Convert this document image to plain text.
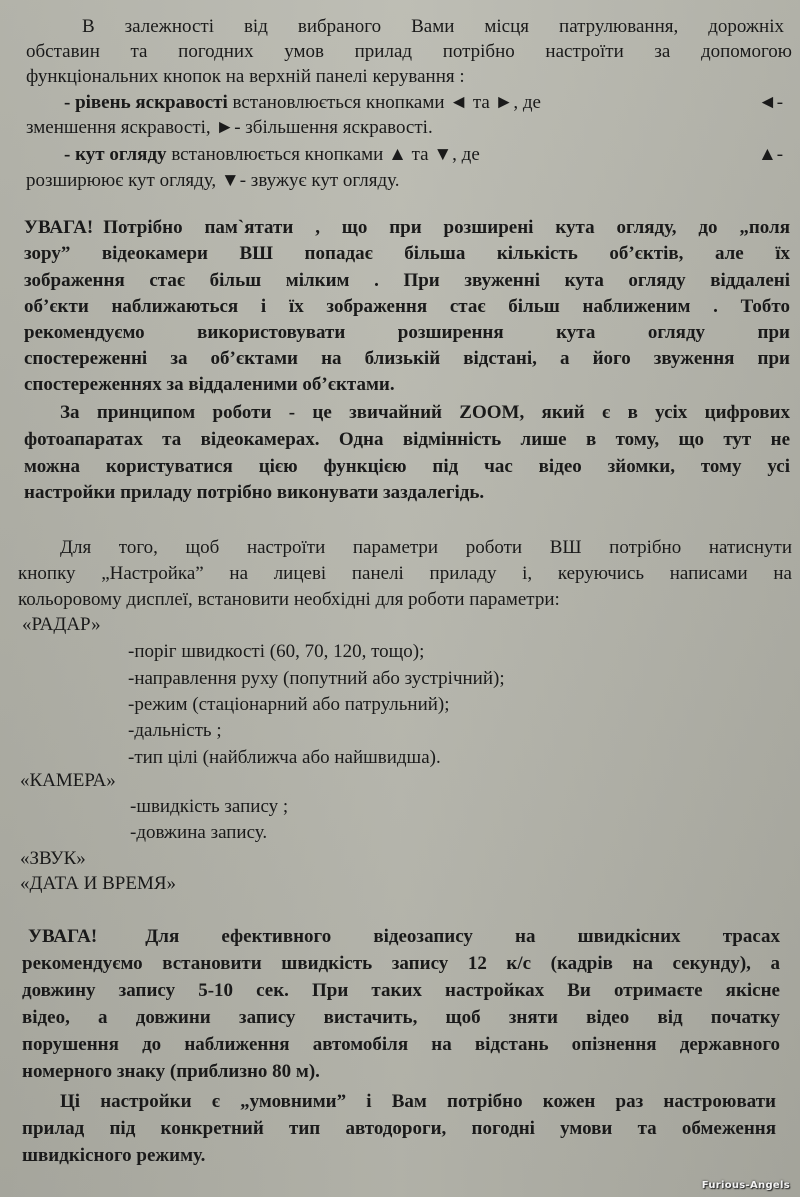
В залежності від вибраного Вами місця патрулювання, дорожніх
обставин та погодних умов прилад потрібно настроїти за допомогою
функціональних кнопок на верхній панелі керування :
- рівень яскравості встановлюється кнопками ◄ та ►, де	◄-
зменшення яскравості, ►- збільшення яскравості.
- кут огляду встановлюється кнопками ▲ та ▼, де	▲-
розширюює кут огляду, ▼- звужує кут огляду.
УВАГА! Потрібно пам`ятати , що при розширені кута огляду, до „поля
зору” відеокамери ВШ попадає більша кількість об’єктів, але їх
зображення стає більш мілким . При звуженні кута огляду віддалені
об’єкти наближаються і їх зображення стає більш наближеним . Тобто
рекомендуємо використовувати розширення кута огляду при
спостереженні за об’єктами на близькій відстані, а його звуження при
спостереженнях за віддаленими об’єктами.
За принципом роботи - це звичайний ZOOM, який є в усіх цифрових
фотоапаратах та відеокамерах. Одна відмінність лише в тому, що тут не
можна користуватися цією функцією під час відео зйомки, тому усі
настройки приладу потрібно виконувати заздалегідь.
Для того, щоб настроїти параметри роботи ВШ потрібно натиснути
кнопку „Настройка” на лицеві панелі приладу і, керуючись написами на
кольоровому дисплеї, встановити необхідні для роботи параметри:
«РАДАР»
-поріг швидкості (60, 70, 120, тощо);
-направлення руху (попутний або зустрічний);
-режим (стаціонарний або патрульний);
-дальність ;
-тип цілі (найближча або найшвидша).
«КАМЕРА»
-швидкість запису ;
-довжина запису.
«ЗВУК»
«ДАТА И ВРЕМЯ»
УВАГА!	Для ефективного відеозапису на швидкісних трасах
рекомендуємо встановити швидкість запису 12 к/с (кадрів на секунду), а
довжину запису 5-10 сек. При таких настройках Ви отримаєте якісне
відео, а довжини запису вистачить, щоб зняти відео від початку
порушення до наближення автомобіля на відстань опізнення державного
номерного знаку (приблизно 80 м).
Ці настройки є „умовними” і Вам потрібно кожен раз настроювати
прилад під конкретний тип автодороги, погодні умови та обмеження
швидкісного режиму.
Furious-Angels
